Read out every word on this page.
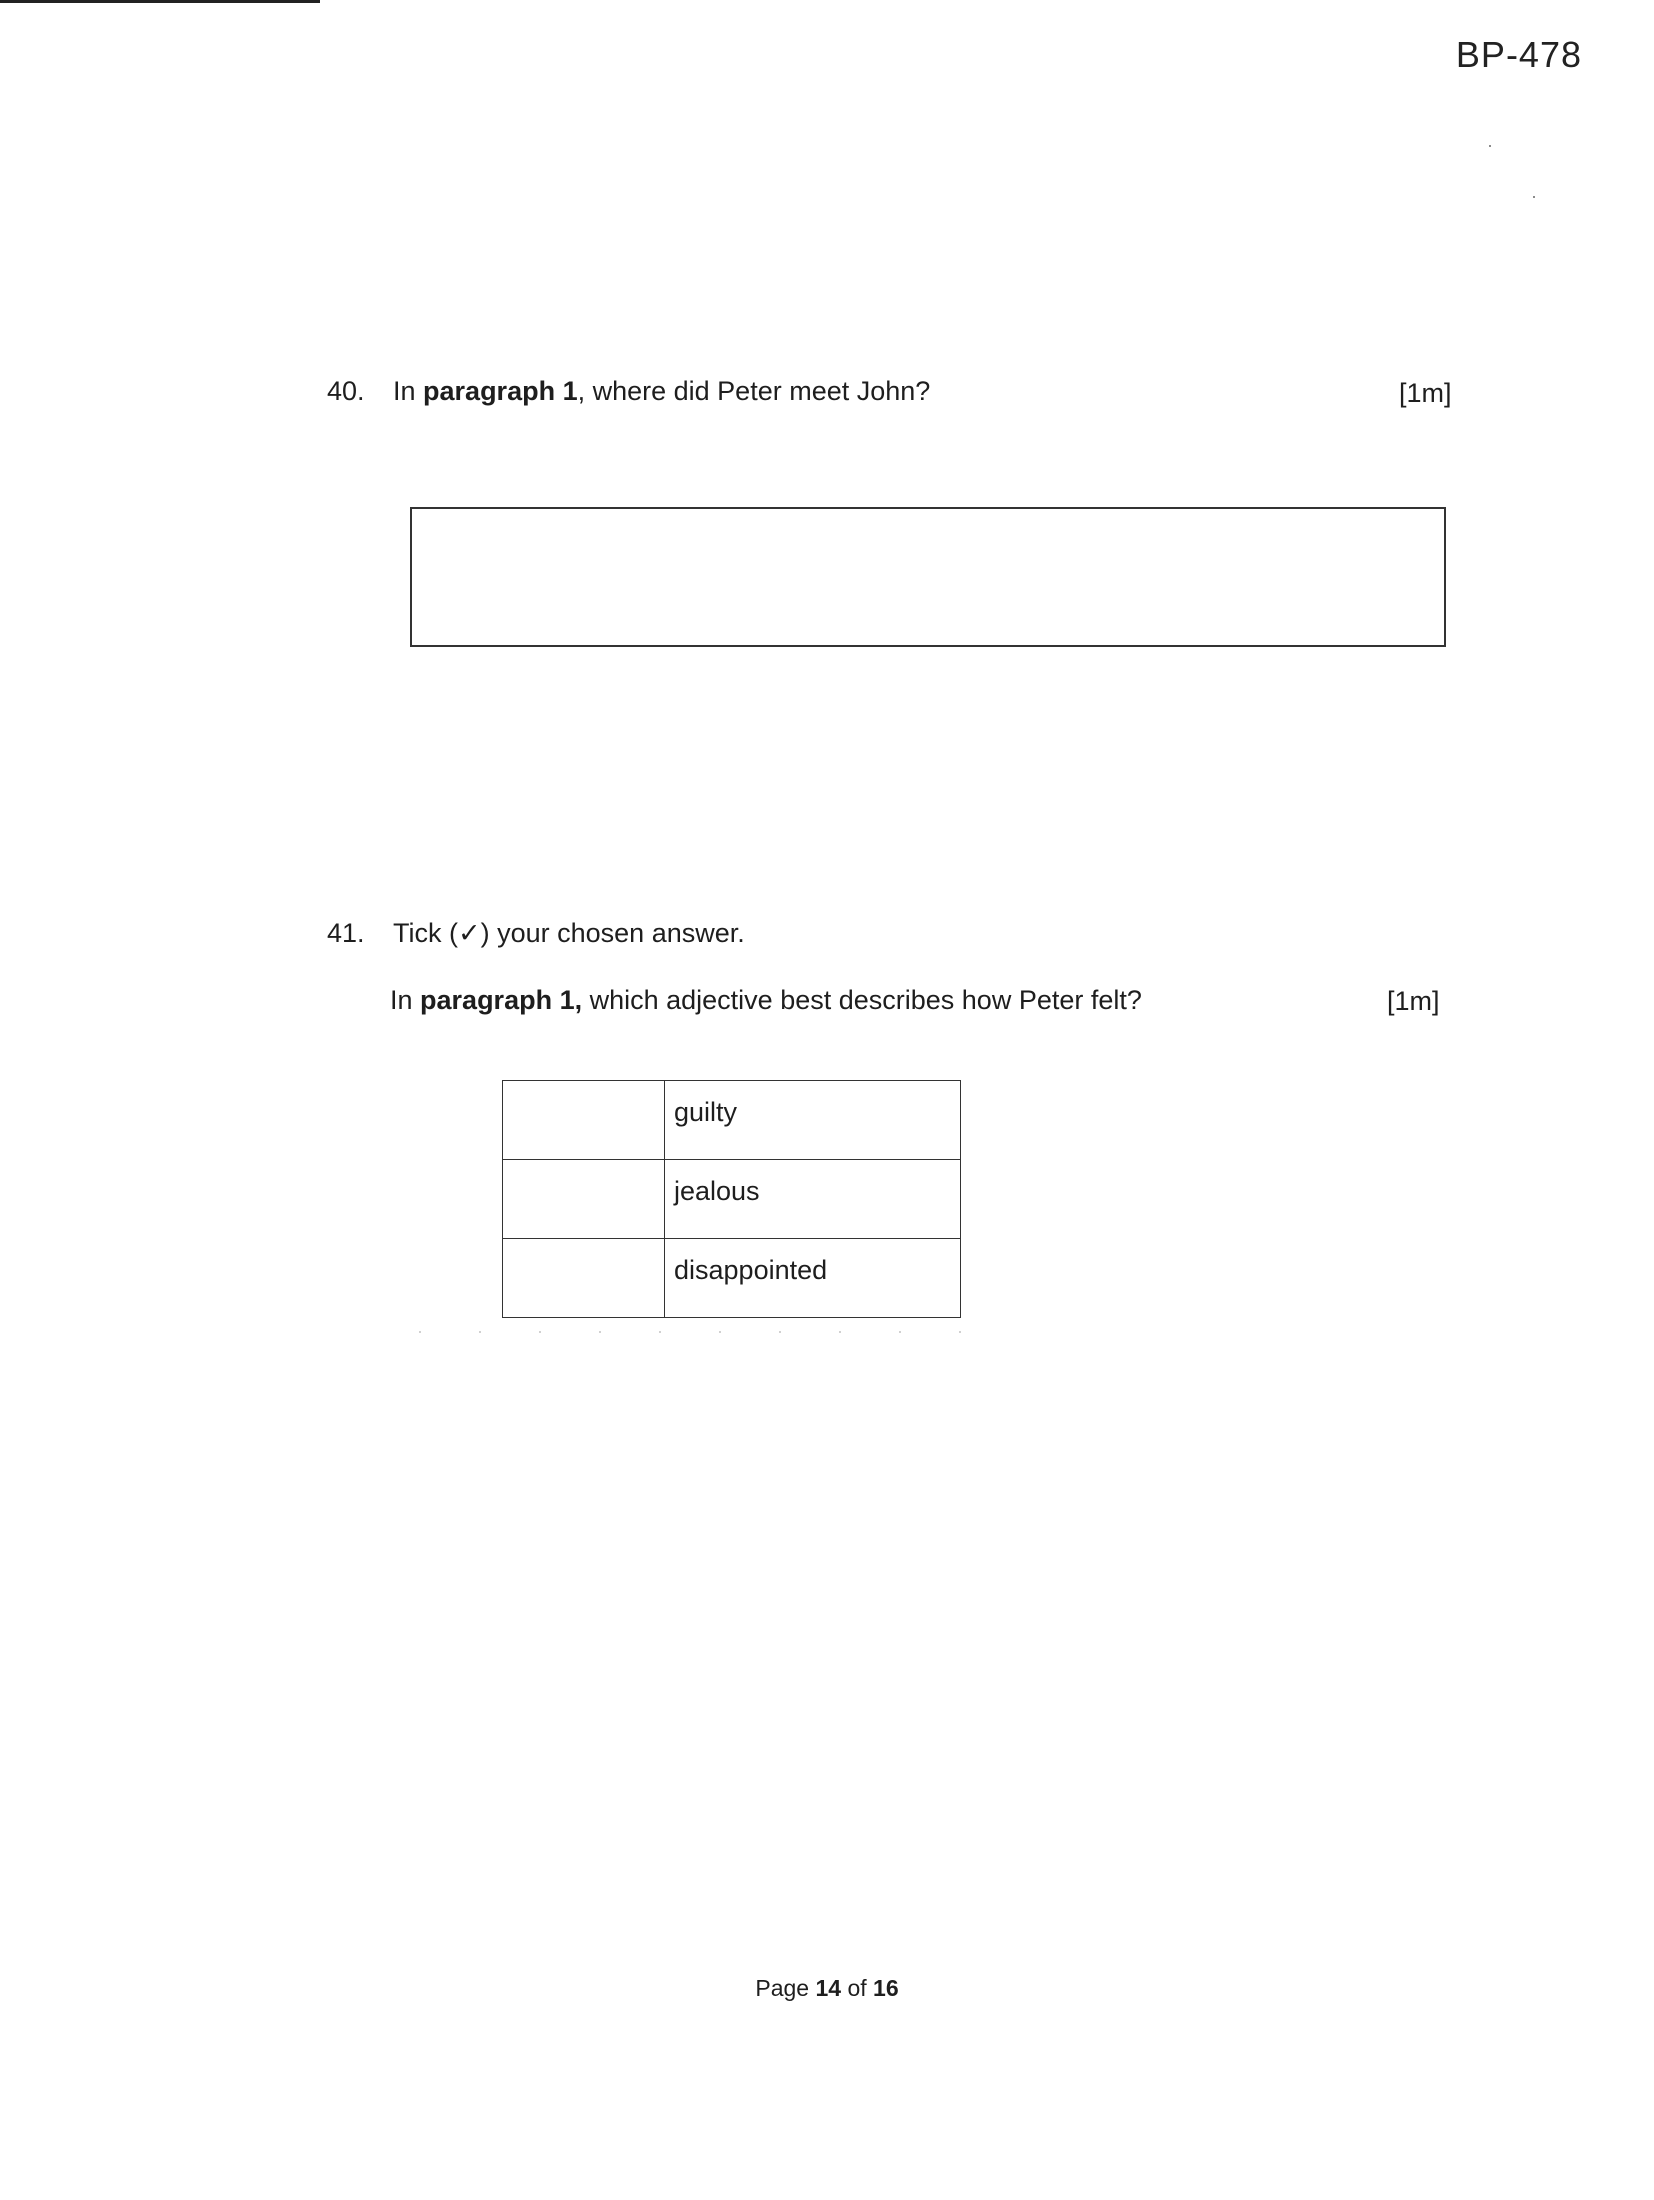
BP-478
40.	In paragraph 1, where did Peter meet John?	[1m]
41.	Tick (✓) your chosen answer.
In paragraph 1, which adjective best describes how Peter felt?	[1m]
	guilty
	jealous
	disappointed
Page 14 of 16
